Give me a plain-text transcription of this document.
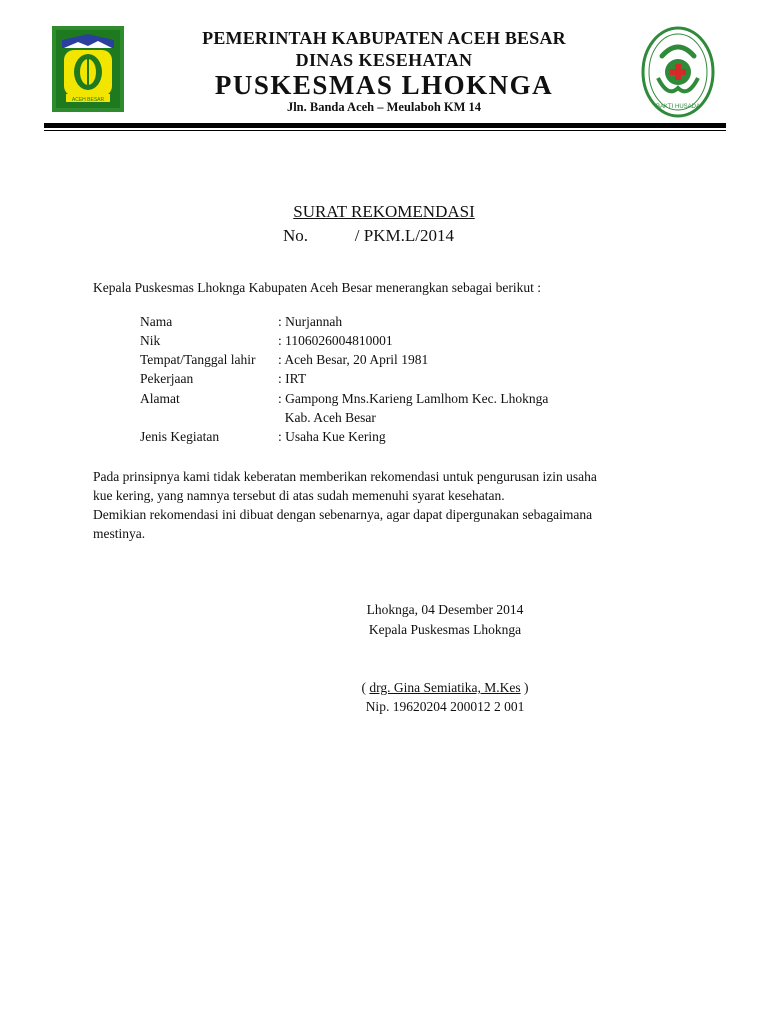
ACEH BESAR
BAKTI HUSADA
PEMERINTAH KABUPATEN ACEH BESAR
DINAS KESEHATAN
PUSKESMAS LHOKNGA
Jln. Banda Aceh – Meulaboh KM 14
SURAT REKOMENDASI
No.           / PKM.L/2014
Kepala Puskesmas Lhoknga Kabupaten Aceh Besar menerangkan sebagai berikut :
Nama	: Nurjannah
Nik	: 1106026004810001
Tempat/Tanggal lahir : Aceh Besar, 20 April 1981
Pekerjaan	: IRT
Alamat	: Gampong Mns.Karieng Lamlhom Kec. Lhoknga
Kab. Aceh Besar
Jenis Kegiatan	: Usaha Kue Kering
Pada prinsipnya kami tidak keberatan memberikan rekomendasi untuk pengurusan izin usaha
kue kering, yang namnya tersebut di atas sudah memenuhi syarat kesehatan.
Demikian rekomendasi ini dibuat dengan sebenarnya, agar dapat dipergunakan sebagaimana
mestinya.
Lhoknga, 04 Desember 2014
Kepala Puskesmas Lhoknga
( drg. Gina Semiatika, M.Kes )
Nip. 19620204 200012 2 001
